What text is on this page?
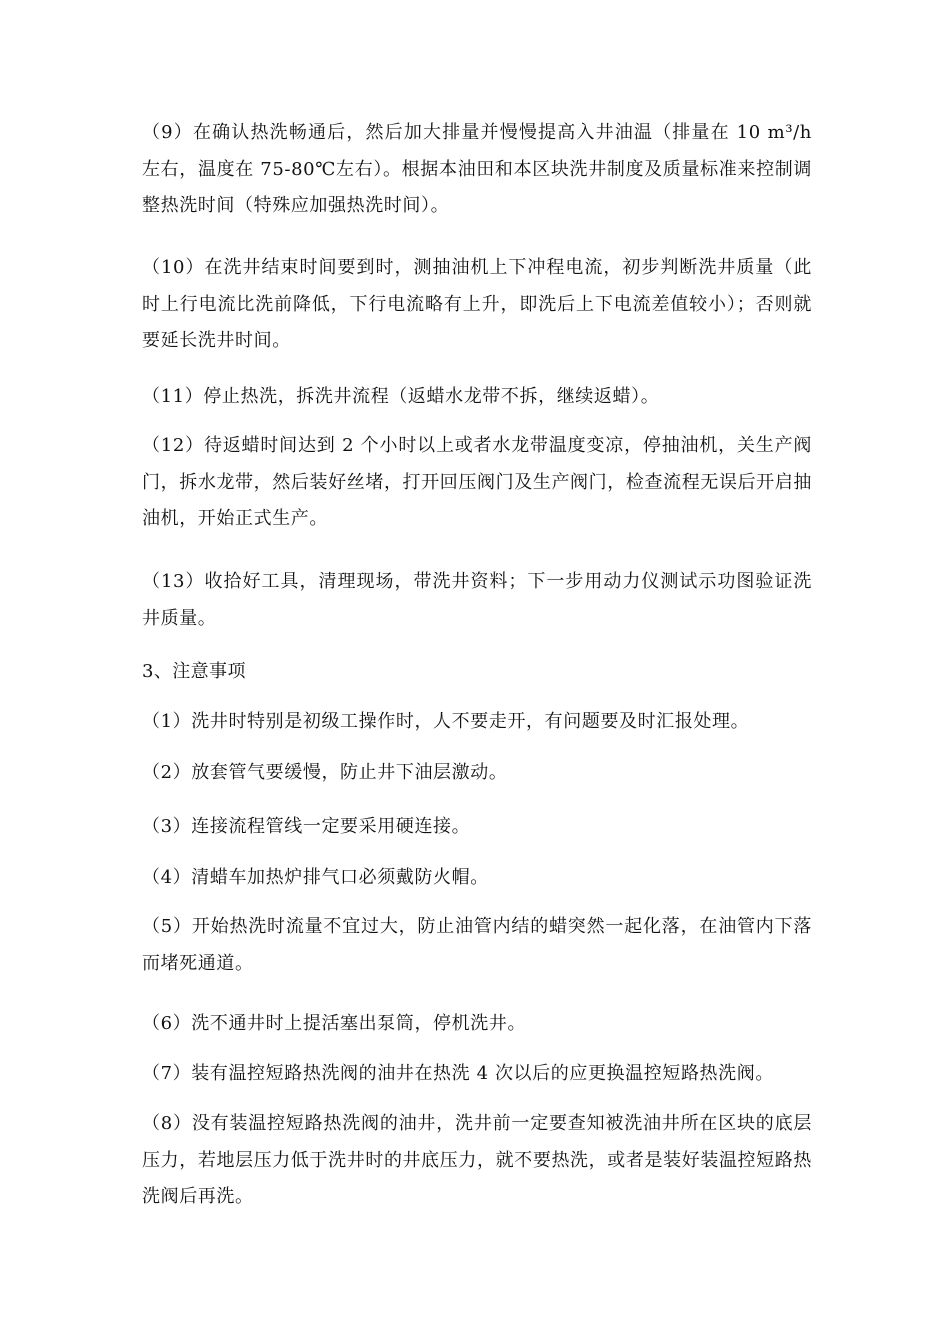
（9）在确认热洗畅通后，然后加大排量并慢慢提高入井油温（排量在 10 m³/h 左右，温度在 75-80℃左右）。根据本油田和本区块洗井制度及质量标准来控制调整热洗时间（特殊应加强热洗时间）。

（10）在洗井结束时间要到时，测抽油机上下冲程电流，初步判断洗井质量（此时上行电流比洗前降低，下行电流略有上升，即洗后上下电流差值较小）；否则就要延长洗井时间。

（11）停止热洗，拆洗井流程（返蜡水龙带不拆，继续返蜡）。

（12）待返蜡时间达到 2 个小时以上或者水龙带温度变凉，停抽油机，关生产阀门，拆水龙带，然后装好丝堵，打开回压阀门及生产阀门，检查流程无误后开启抽油机，开始正式生产。

（13）收拾好工具，清理现场，带洗井资料；下一步用动力仪测试示功图验证洗井质量。

3、注意事项

（1）洗井时特别是初级工操作时，人不要走开，有问题要及时汇报处理。

（2）放套管气要缓慢，防止井下油层激动。

（3）连接流程管线一定要采用硬连接。

（4）清蜡车加热炉排气口必须戴防火帽。

（5）开始热洗时流量不宜过大，防止油管内结的蜡突然一起化落，在油管内下落而堵死通道。

（6）洗不通井时上提活塞出泵筒，停机洗井。

（7）装有温控短路热洗阀的油井在热洗 4 次以后的应更换温控短路热洗阀。

（8）没有装温控短路热洗阀的油井，洗井前一定要查知被洗油井所在区块的底层压力，若地层压力低于洗井时的井底压力，就不要热洗，或者是装好装温控短路热洗阀后再洗。
